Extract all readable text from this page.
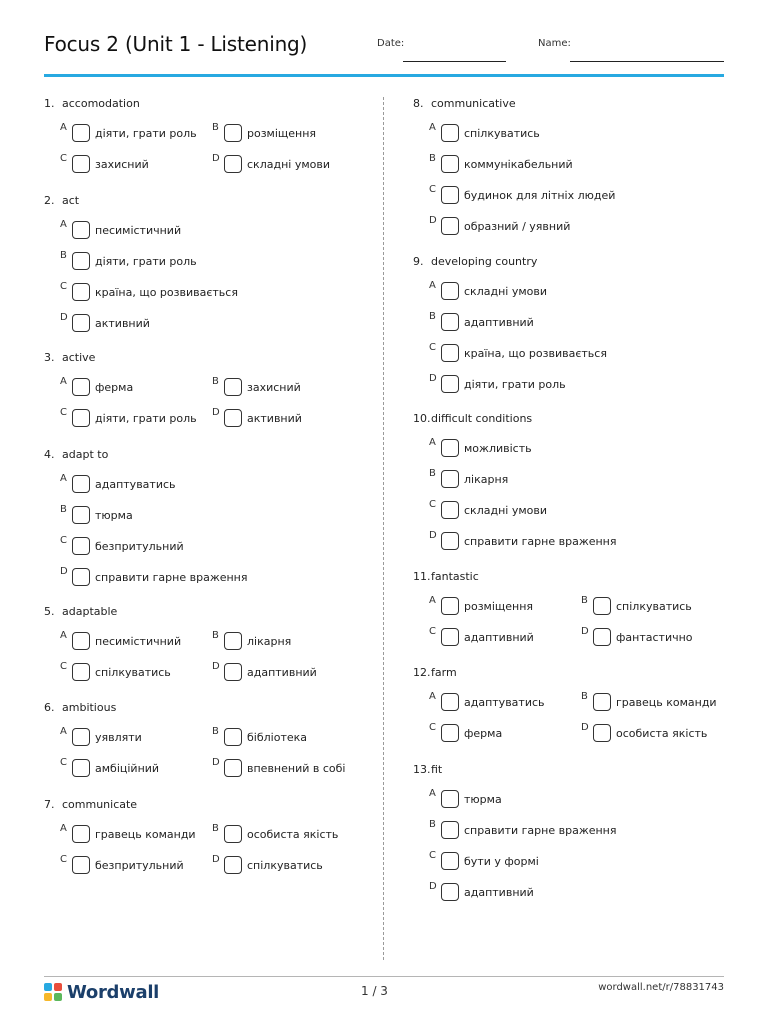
Focus 2 (Unit 1 - Listening)	Date:	Name:
1. accomodation
A	діяти, грати роль B	розміщення
C	захисний	D складні умови
2. act
A	песимістичний
B	діяти, грати роль
C	країна, що розвивається
D активний
3. active
A	ферма	B	захисний
C	діяти, грати роль D активний
4. adapt to
A	адаптуватись
B	тюрма
C	безпритульний
D справити гарне враження
5. adaptable
A	песимістичний	B	лікарня
C	спілкуватись	D адаптивний
6. ambitious
A	уявляти	B	бібліотека
C	амбіційний	D впевнений в собі
7. communicate
A	гравець команди B	особиста якість
C	безпритульний	D спілкуватись
8. communicative
A	спілкуватись
B	коммунікабельний
C	будинок для літніх людей
D образний / уявний
9. developing country
A	складні умови
B	адаптивний
C	країна, що розвивається
D діяти, грати роль
10.difficult conditions
A	можливість
B	лікарня
C	складні умови
D справити гарне враження
11.fantastic
A	розміщення	B	спілкуватись
C	адаптивний	D фантастично
12.farm
A	адаптуватись	B	гравець команди
C	ферма	D особиста якість
13.fit
A	тюрма
B	справити гарне враження
C	бути у формі
D адаптивний
Wordwall	1 / 3	wordwall.net/r/78831743
